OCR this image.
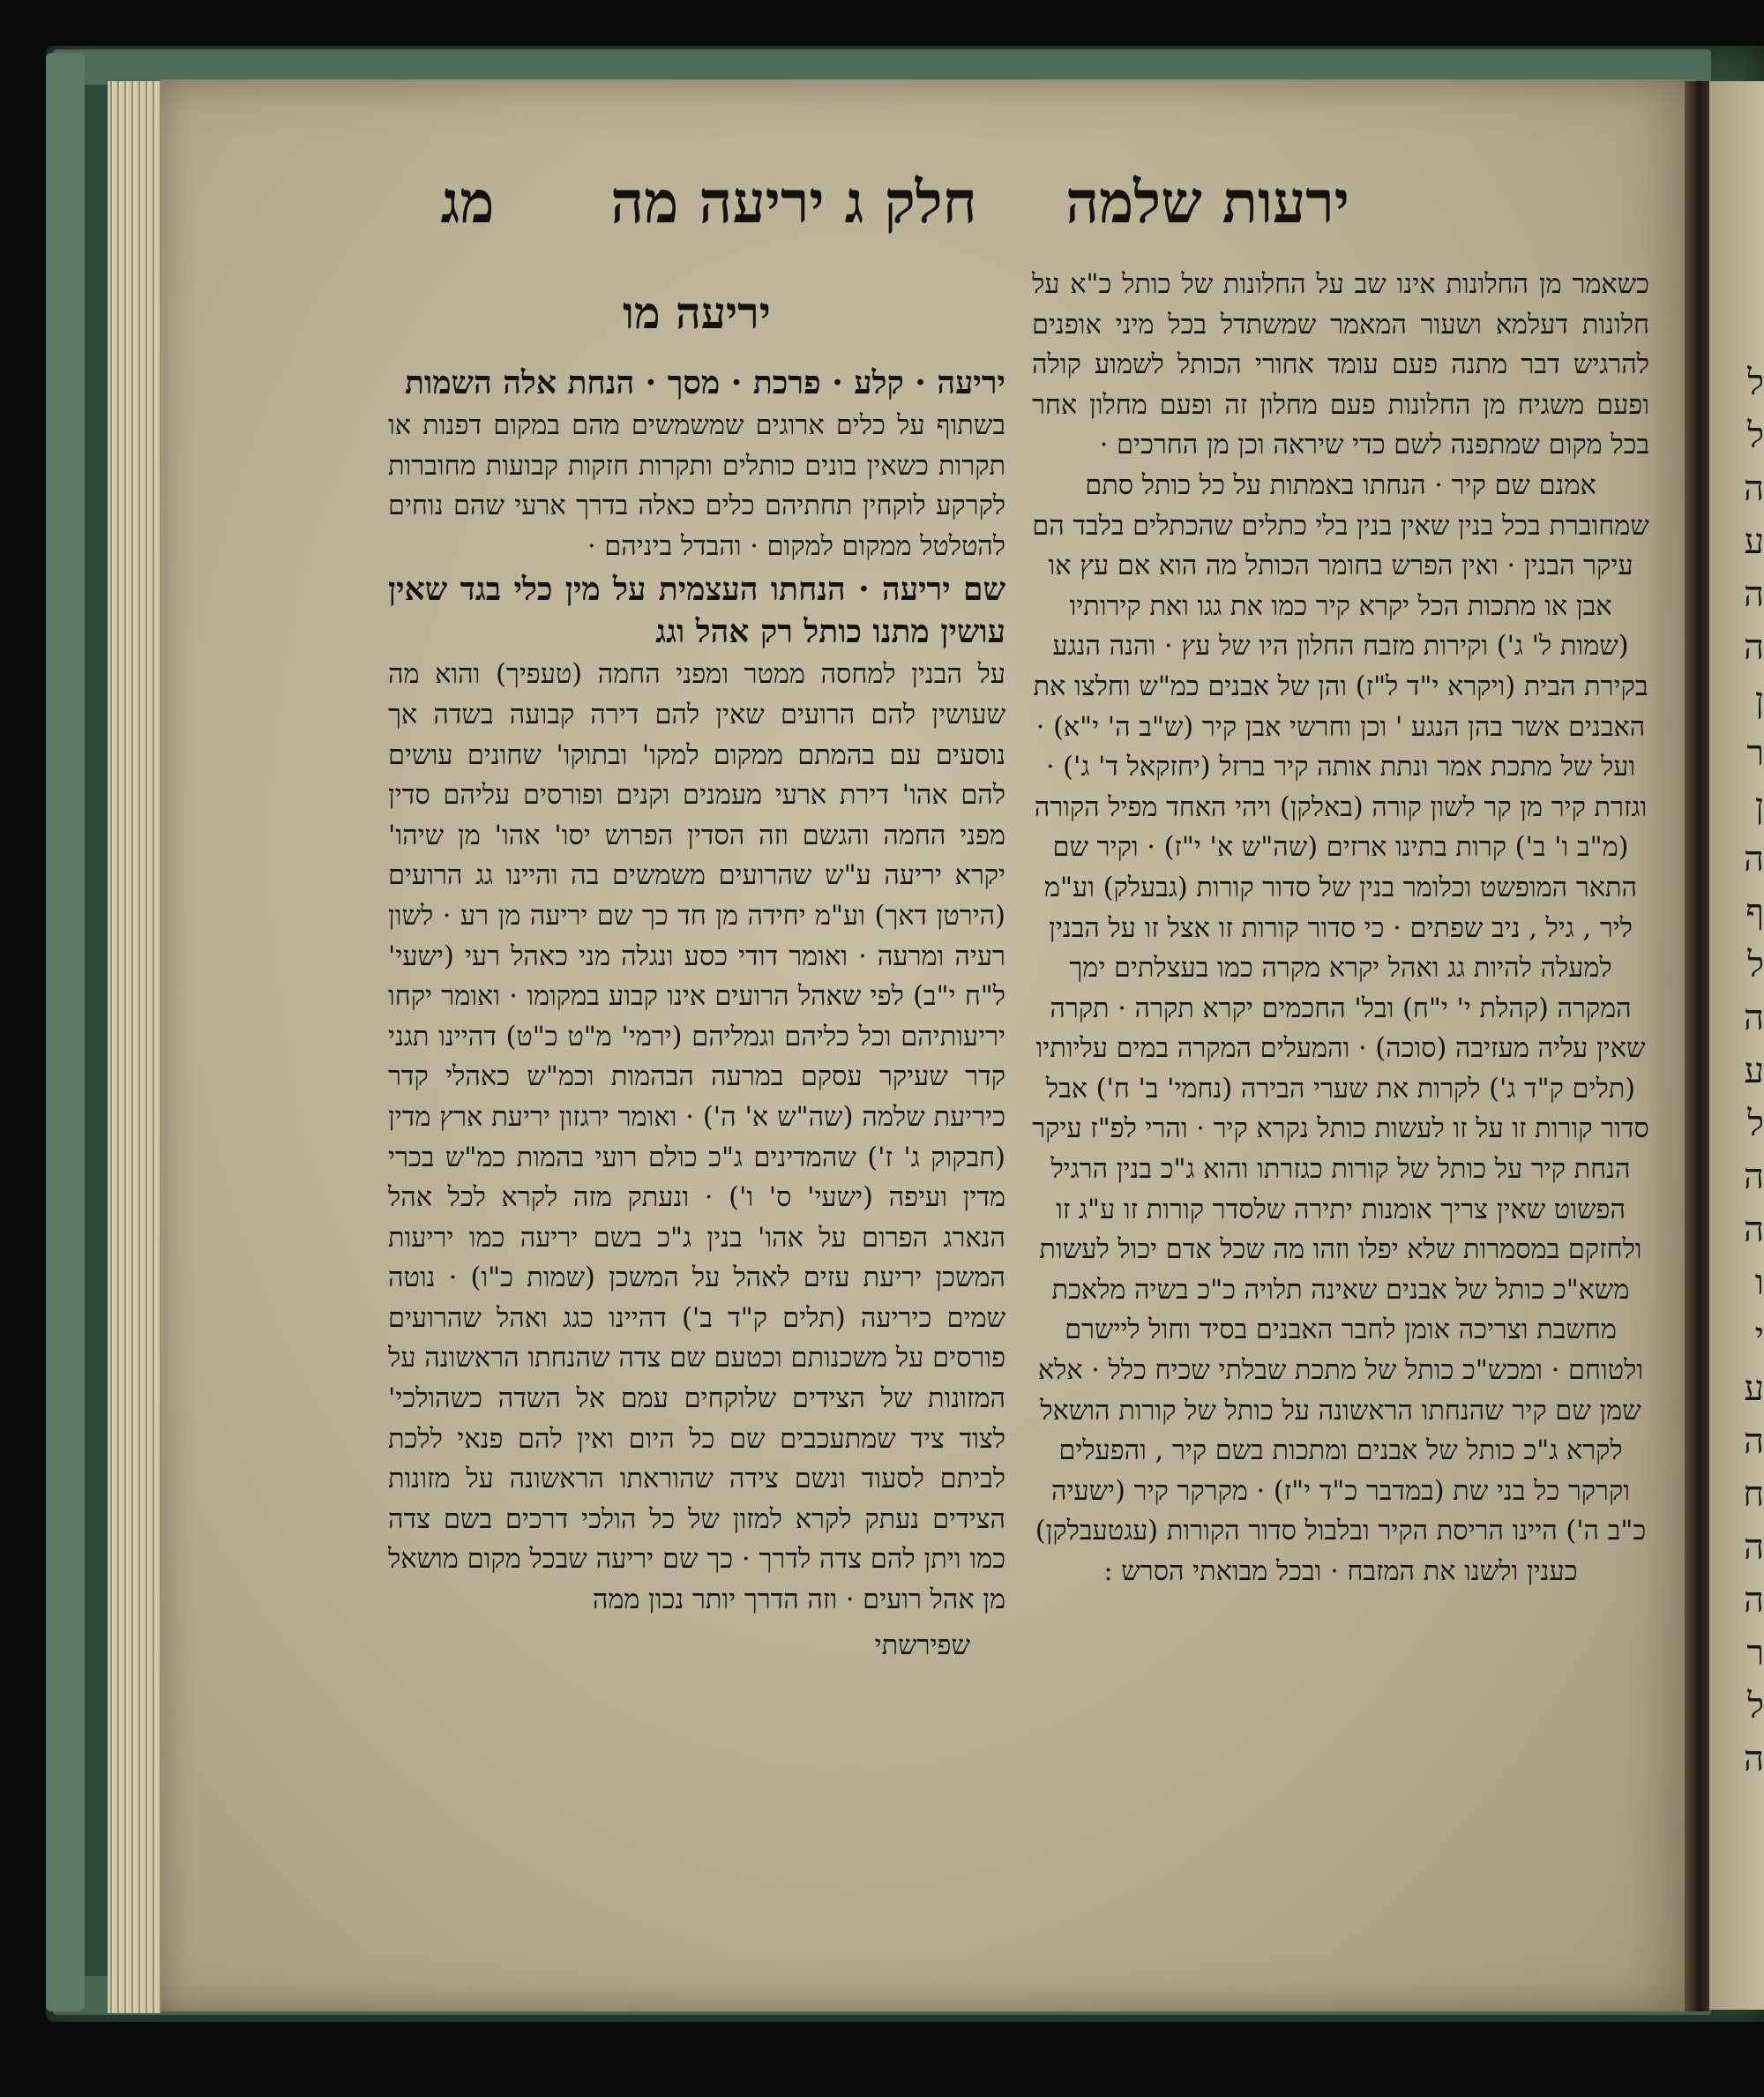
ל
ל
ה
ע
ה
ה
ן
ר
ן
ה
ף
ל
ה
ע
ל
ה
ה
ו
י
ע
ה
ח
ה
ה
ר
ל
ה
ירעות שלמה
חלק ג יריעה מה
מג

כשאמר מן החלונות אינו שב על החלונות של כותל כ"א על חלונות דעלמא ושעור המאמר שמשתדל בכל מיני אופנים להרגיש דבר מתנה פעם עומד אחורי הכותל לשמוע קולה ופעם משגיח מן החלונות פעם מחלון זה ופעם מחלון אחר בכל מקום שמתפנה לשם כדי שירא‍ה וכן מן החרכים ·

אמנם שם קיר · הנחתו באמתות על כל כותל סתם שמחוברת בכל בנין שאין בנין בלי כתלים שהכתלים בלבד הם עיקר הבנין · ואין הפרש בחומר הכותל מה הוא אם עץ או אבן או מתכות הכל יקרא קיר כמו את גגו ואת קירותיו (שמות ל' ג') וקירות מזבח החלון היו של עץ · והנה הנגע בקירת הבית (ויקרא י"ד ל"ז) והן של אבנים כמ"ש וחלצו את האבנים אשר בהן הנגע ' וכן וחרשי אבן קיר (ש"ב ה' י"א) · ועל של מתכת אמר ונתת אותה קיר ברזל (יחזקאל ד' ג') · וגזרת קיר מן קר לשון קורה (באלקן) ויהי האחד מפיל הקורה (מ"ב ו' ב') קרות בתינו ארזים (שה"ש א' י"ז) · וקיר שם התאר המופשט וכלומר בנין של סדור קורות (גבעלק) וע"מ ליר , גיל , ניב שפתים · כי סדור קורות זו אצל זו על הבנין למעלה להיות גג ואהל יקרא מקרה כמו בעצלתים ימך המקרה (קהלת י' י"ח) ובל' החכמים יקרא תקרה · תקרה שאין עליה מעזיבה (סוכה) · והמעלים המקרה במים עליותיו (תלים ק"ד ג') לקרות את שערי הבירה (נחמי' ב' ח') אבל סדור קורות זו על זו לעשות כותל נקרא קיר · והרי לפ"ז עיקר הנחת קיר על כותל של קורות כגזרתו והוא ג"כ בנין הרגיל הפשוט שאין צריך אומנות יתירה שלסדר קורות זו ע"ג זו ולחזקם במסמרות שלא יפלו וזהו מה שכל אדם יכול לעשות משא"כ כותל של אבנים שאינה תלויה כ"כ בשיה מלאכת מחשבת וצריכה אומן לחבר האבנים בסיד וחול ליישרם ולטוחם · ומכש"כ כותל של מתכת שבלתי שכיח כלל · אלא שמן שם קיר שהנחתו הראשונה על כותל של קורות הושאל לקרא ג"כ כותל של אבנים ומתכות בשם קיר , והפעלים וקרקר כל בני שת (במדבר כ"ד י"ז) · מקרקר קיר (ישעיה כ"ב ה') היינו הריסת הקיר ובלבול סדור הקורות (עגטעבלקן) כענין ולשנו את המזבח · ובכל מבואתי הסרש :

יריעה מו

יריעה · קלע · פרכת · מסך · הנחת אלה השמות

בשתוף על כלים ארוגים שמשמשים מהם במקום דפנות או תקרות כשאין בונים כותלים ותקרות חזקות קבועות מחוברות לקרקע לוקחין תחתיהם כלים כאלה בדרך ארעי שהם נוחים להטלטל ממקום למקום · והבדל ביניהם ·

שם יריעה · הנחתו העצמית על מין כלי בגד שאין עושין מתנו כותל רק אהל וגג

על הבנין למחסה ממטר ומפני החמה (טעפיך) והוא מה שעושין להם הרועים שאין להם דירה קבועה בשדה אך נוסעים עם בהמתם ממקום למקו' ובתוקו' שחונים עושים להם אהו' דירת ארעי מעמנים וקנים ופורסים עליהם סדין מפני החמה והגשם וזה הסדין הפרוש יסו' אהו' מן שיהו' יקרא יריעה ע"ש שהרועים משמשים בה והיינו גג הרועים (הירטן דאך) וע"מ יחידה מן חד כך שם יריעה מן רע · לשון רעיה ומרעה · ואומר דודי כסע ונגלה מני כאהל רעי (ישעי' ל"ח י"ב) לפי שאהל הרועים אינו קבוע במקומו · ואומר יקחו יריעותיהם וכל כליהם וגמליהם (ירמי' מ"ט כ"ט) דהיינו תגני קדר שעיקר עסקם במרעה הבהמות וכמ"ש כאהלי קדר כיריעת שלמה (שה"ש א' ה') · ואומר ירגזון יריעת ארץ מדין (חבקוק ג' ז') שהמדינים ג"כ כולם רועי בהמות כמ"ש בכרי מדין ועיפה (ישעי' ס' ו') · ונעתק מזה לקרא לכל אהל הנארג הפרום על אהו' בנין ג"כ בשם יריעה כמו יריעות המשכן יריעת עזים לאהל על המשכן (שמות כ"ו) · נוטה שמים כיריעה (תלים ק"ד ב') דהיינו כגג ואהל שהרועים פורסים על משכנותם וכטעם שם צדה שהנחתו הראשונה על המזונות של הצידים שלוקחים עמם אל השדה כשהולכי' לצוד ציד שמתעכבים שם כל היום ואין להם פנאי ללכת לביתם לסעוד ונשם צידה שהוראתו הראשונה על מזונות הצידים נעתק לקרא למזון של כל הולכי דרכים בשם צדה כמו ויתן להם צדה לדרך · כך שם יריעה שבכל מקום מושאל מן אהל רועים · וזה הדרך יותר נכון ממה

שפירשתי
